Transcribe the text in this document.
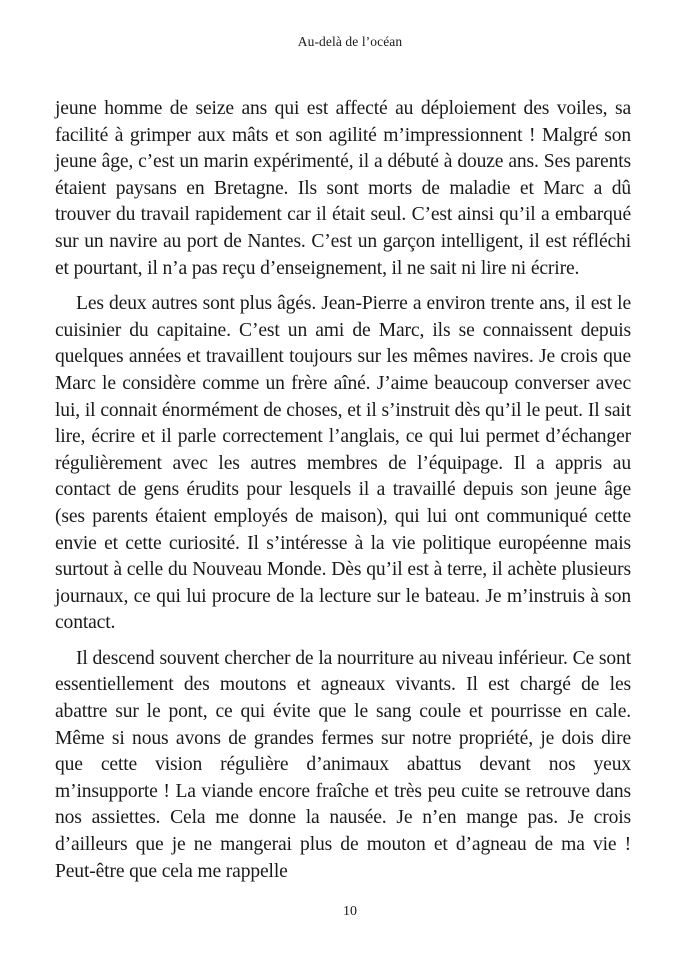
Au-delà de l’océan

jeune homme de seize ans qui est affecté au déploiement des voiles, sa facilité à grimper aux mâts et son agilité m’impressionnent ! Malgré son jeune âge, c’est un marin expérimenté, il a débuté à douze ans. Ses parents étaient paysans en Bretagne. Ils sont morts de maladie et Marc a dû trouver du travail rapidement car il était seul. C’est ainsi qu’il a embarqué sur un navire au port de Nantes. C’est un garçon intelligent, il est réfléchi et pourtant, il n’a pas reçu d’enseignement, il ne sait ni lire ni écrire.

Les deux autres sont plus âgés. Jean-Pierre a environ trente ans, il est le cuisinier du capitaine. C’est un ami de Marc, ils se connaissent depuis quelques années et travaillent toujours sur les mêmes navires. Je crois que Marc le considère comme un frère aîné. J’aime beaucoup converser avec lui, il connait énormément de choses, et il s’instruit dès qu’il le peut. Il sait lire, écrire et il parle correctement l’anglais, ce qui lui permet d’échanger régulièrement avec les autres membres de l’équipage. Il a appris au contact de gens érudits pour lesquels il a travaillé depuis son jeune âge (ses parents étaient employés de maison), qui lui ont communiqué cette envie et cette curiosité. Il s’intéresse à la vie politique européenne mais surtout à celle du Nouveau Monde. Dès qu’il est à terre, il achète plusieurs journaux, ce qui lui procure de la lecture sur le bateau. Je m’instruis à son contact.

Il descend souvent chercher de la nourriture au niveau inférieur. Ce sont essentiellement des moutons et agneaux vivants. Il est chargé de les abattre sur le pont, ce qui évite que le sang coule et pourrisse en cale. Même si nous avons de grandes fermes sur notre propriété, je dois dire que cette vision régulière d’animaux abattus devant nos yeux m’insupporte ! La viande encore fraîche et très peu cuite se retrouve dans nos assiettes. Cela me donne la nausée. Je n’en mange pas. Je crois d’ailleurs que je ne mangerai plus de mouton et d’agneau de ma vie ! Peut-être que cela me rappelle

10
